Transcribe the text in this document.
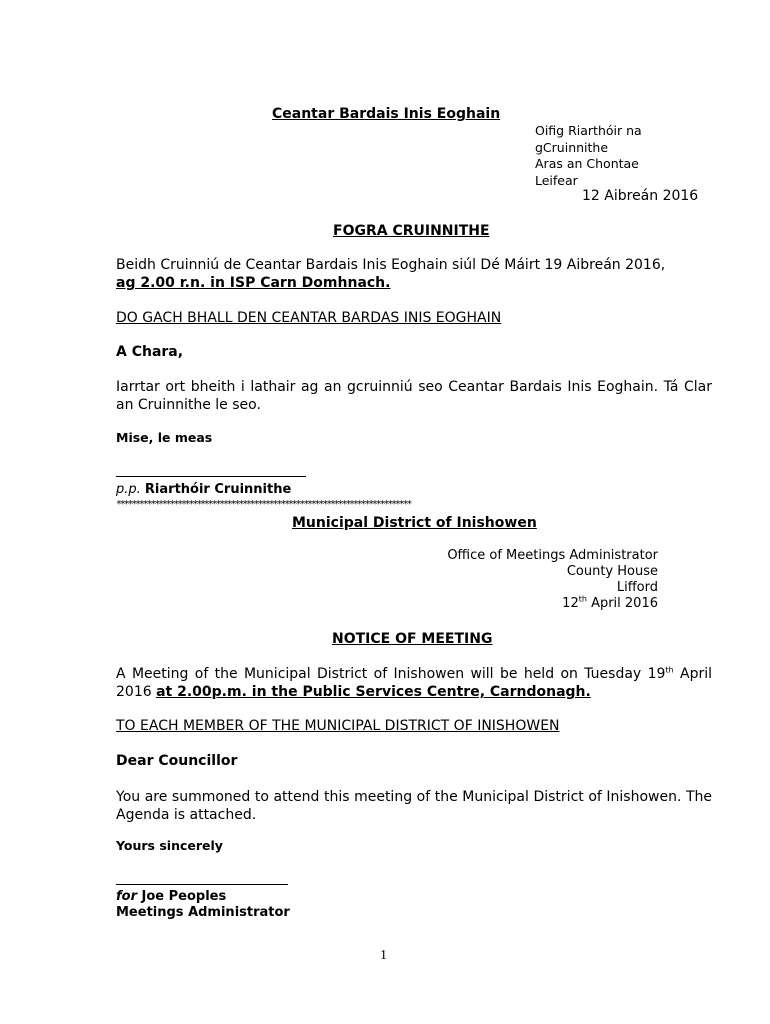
Ceantar Bardais Inis Eoghain
Oifig Riarthóir na
gCruinnithe
Aras an Chontae
Leifear
12 Aibreán 2016
FOGRA CRUINNITHE
Beidh Cruinniú de Ceantar Bardais Inis Eoghain siúl Dé Máirt 19 Aibreán 2016,
ag 2.00 r.n. in ISP Carn Domhnach.
DO GACH BHALL DEN CEANTAR BARDAS INIS EOGHAIN
A Chara,
Iarrtar ort bheith i lathair ag an gcruinniú seo Ceantar Bardais Inis Eoghain. Tá Clar an Cruinnithe le seo.
Mise, le meas
p.p. Riarthóir Cruinnithe
*****************************************************************************
Municipal District of Inishowen
Office of Meetings Administrator
County House
Lifford
12th April 2016
NOTICE OF MEETING
A Meeting of the Municipal District of Inishowen will be held on Tuesday 19th April 2016 at 2.00p.m. in the Public Services Centre, Carndonagh.
TO EACH MEMBER OF THE MUNICIPAL DISTRICT OF INISHOWEN
Dear Councillor
You are summoned to attend this meeting of the Municipal District of Inishowen. The Agenda is attached.
Yours sincerely
for Joe Peoples
Meetings Administrator
1
